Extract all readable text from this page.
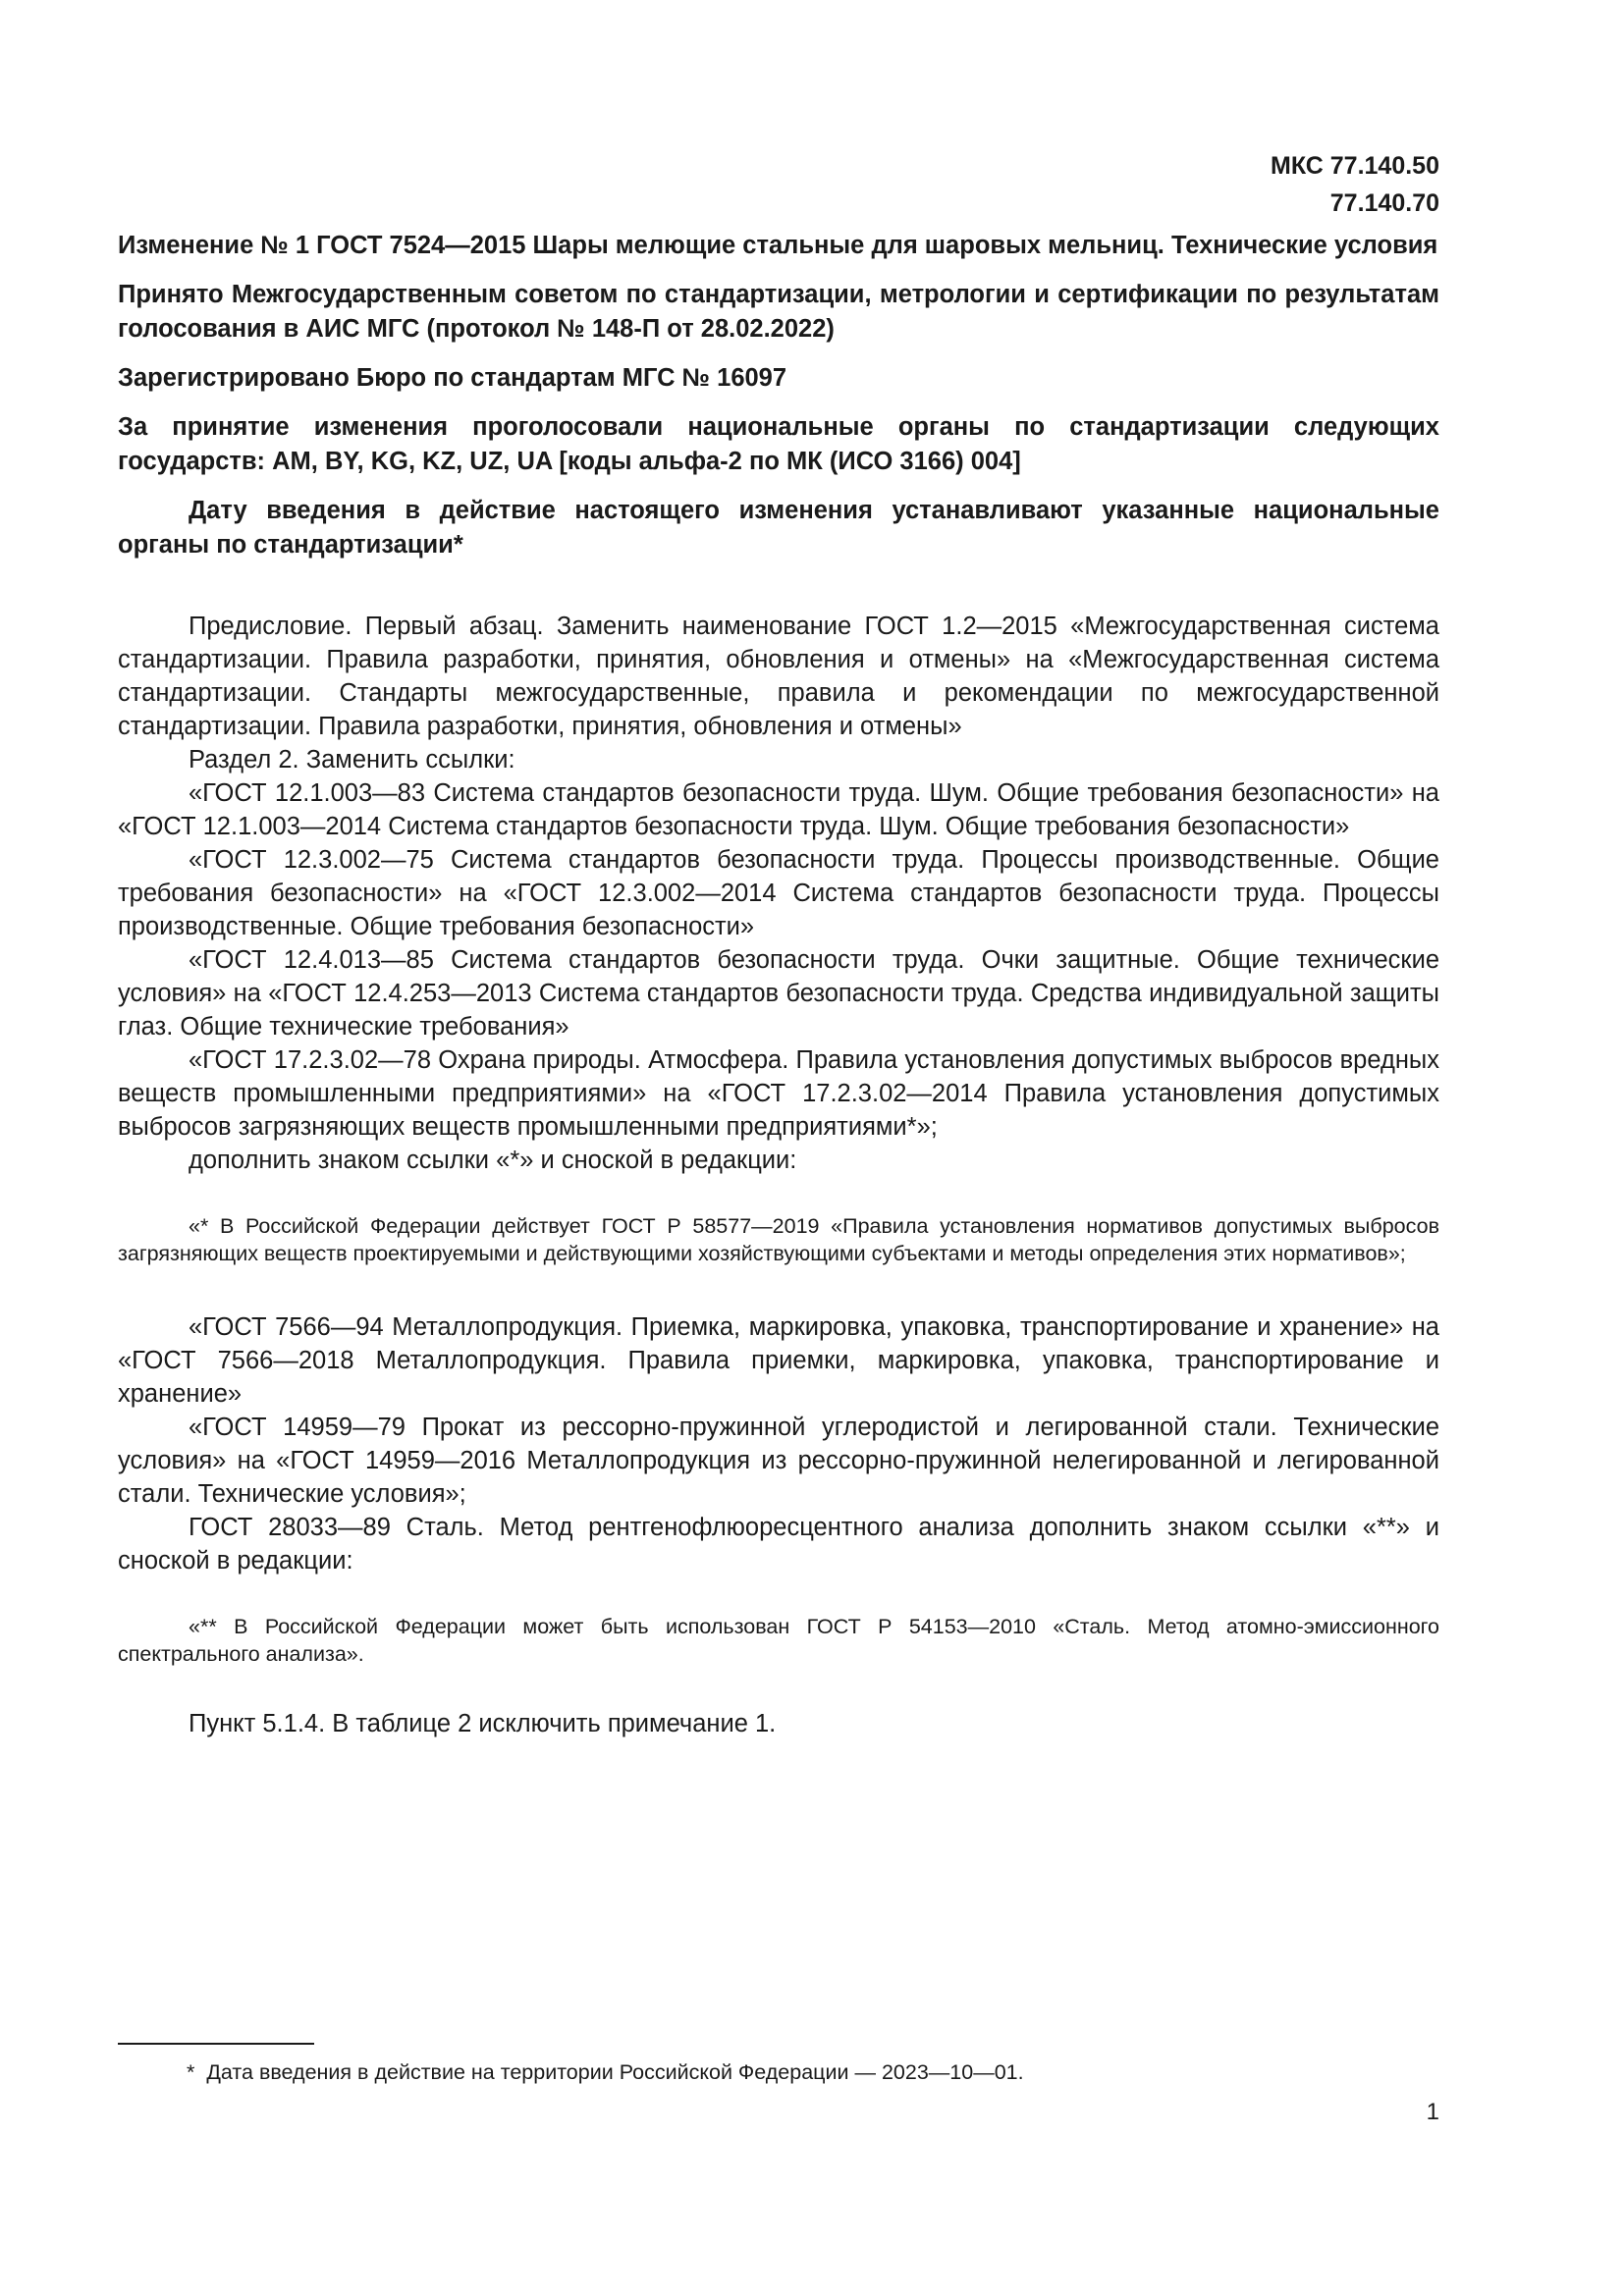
МКС 77.140.50
77.140.70

Изменение № 1 ГОСТ 7524—2015 Шары мелющие стальные для шаровых мельниц. Технические условия

Принято Межгосударственным советом по стандартизации, метрологии и сертификации по результатам голосования в АИС МГС (протокол № 148-П от 28.02.2022)

Зарегистрировано Бюро по стандартам МГС № 16097

За принятие изменения проголосовали национальные органы по стандартизации следующих государств: AM, BY, KG, KZ, UZ, UA [коды альфа-2 по МК (ИСО 3166) 004]

Дату введения в действие настоящего изменения устанавливают указанные национальные органы по стандартизации*

Предисловие. Первый абзац. Заменить наименование ГОСТ 1.2—2015 «Межгосударственная система стандартизации. Правила разработки, принятия, обновления и отмены» на «Межгосударственная система стандартизации. Стандарты межгосударственные, правила и рекомендации по межгосударственной стандартизации. Правила разработки, принятия, обновления и отмены»

Раздел 2. Заменить ссылки:

«ГОСТ 12.1.003—83 Система стандартов безопасности труда. Шум. Общие требования безопасности» на «ГОСТ 12.1.003—2014 Система стандартов безопасности труда. Шум. Общие требования безопасности»

«ГОСТ 12.3.002—75 Система стандартов безопасности труда. Процессы производственные. Общие требования безопасности» на «ГОСТ 12.3.002—2014 Система стандартов безопасности труда. Процессы производственные. Общие требования безопасности»

«ГОСТ 12.4.013—85 Система стандартов безопасности труда. Очки защитные. Общие технические условия» на «ГОСТ 12.4.253—2013 Система стандартов безопасности труда. Средства индивидуальной защиты глаз. Общие технические требования»

«ГОСТ 17.2.3.02—78 Охрана природы. Атмосфера. Правила установления допустимых выбросов вредных веществ промышленными предприятиями» на «ГОСТ 17.2.3.02—2014 Правила установления допустимых выбросов загрязняющих веществ промышленными предприятиями*»;

дополнить знаком ссылки «*» и сноской в редакции:

«* В Российской Федерации действует ГОСТ Р 58577—2019 «Правила установления нормативов допустимых выбросов загрязняющих веществ проектируемыми и действующими хозяйствующими субъектами и методы определения этих нормативов»;

«ГОСТ 7566—94 Металлопродукция. Приемка, маркировка, упаковка, транспортирование и хранение» на «ГОСТ 7566—2018 Металлопродукция. Правила приемки, маркировка, упаковка, транспортирование и хранение»

«ГОСТ 14959—79 Прокат из рессорно-пружинной углеродистой и легированной стали. Технические условия» на «ГОСТ 14959—2016 Металлопродукция из рессорно-пружинной нелегированной и легированной стали. Технические условия»;

ГОСТ 28033—89 Сталь. Метод рентгенофлюоресцентного анализа дополнить знаком ссылки «**» и сноской в редакции:

«** В Российской Федерации может быть использован ГОСТ Р 54153—2010 «Сталь. Метод атомно-эмиссионного спектрального анализа».

Пункт 5.1.4. В таблице 2 исключить примечание 1.

* Дата введения в действие на территории Российской Федерации — 2023—10—01.
1
